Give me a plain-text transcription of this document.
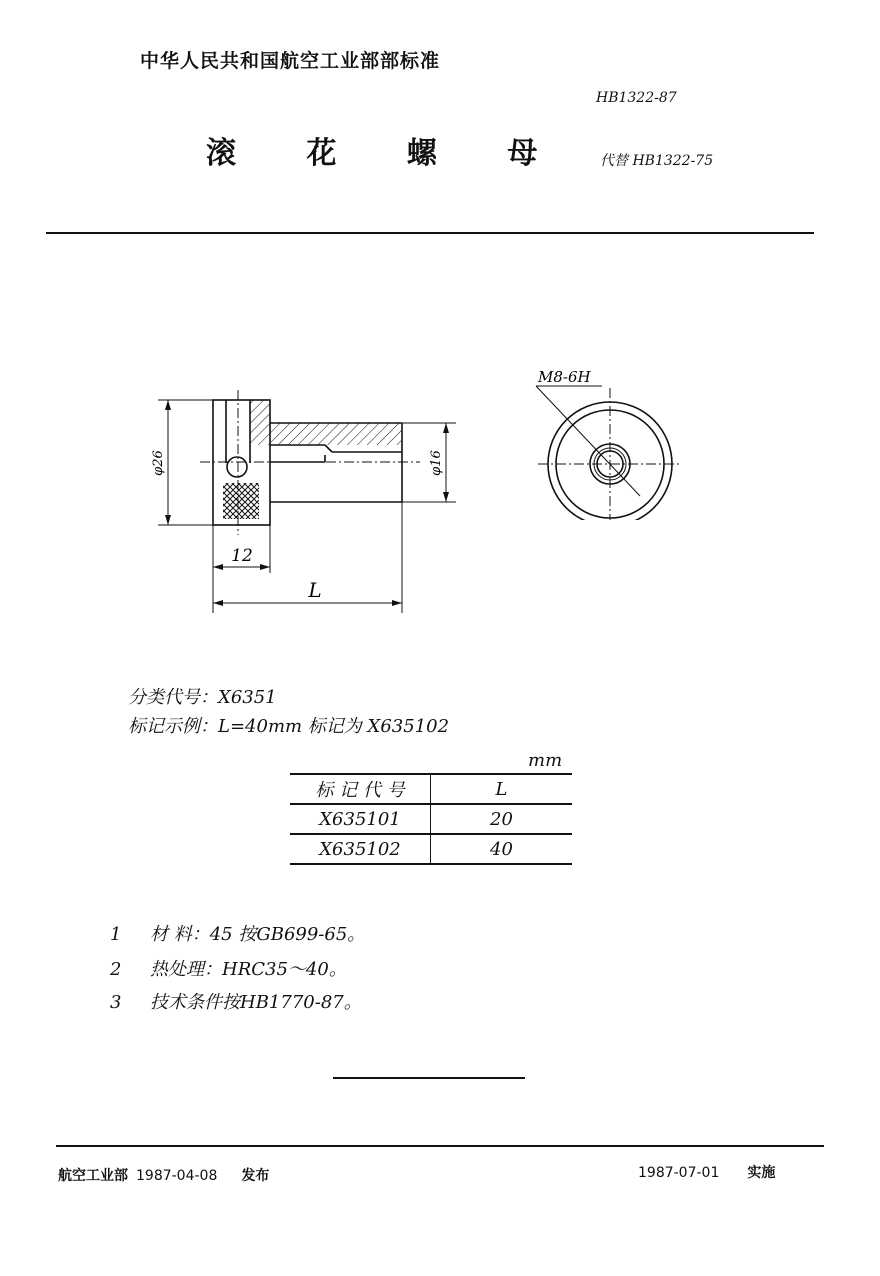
中华人民共和国航空工业部部标准
HB1322-87
滚 花 螺 母 代替 HB1322-75
φ26	φ16
12
L
M8-6H
分类代号：X6351
标记示例：L=40mm 标记为 X635102
mm
标 记 代 号	L
X635101	20
X635102	40
1 材 料：45 按GB699-65。
2 热处理：HRC35～40。
3 技术条件按HB1770-87。
航空工业部 1987-04-08 发布	1987-07-01 实施
